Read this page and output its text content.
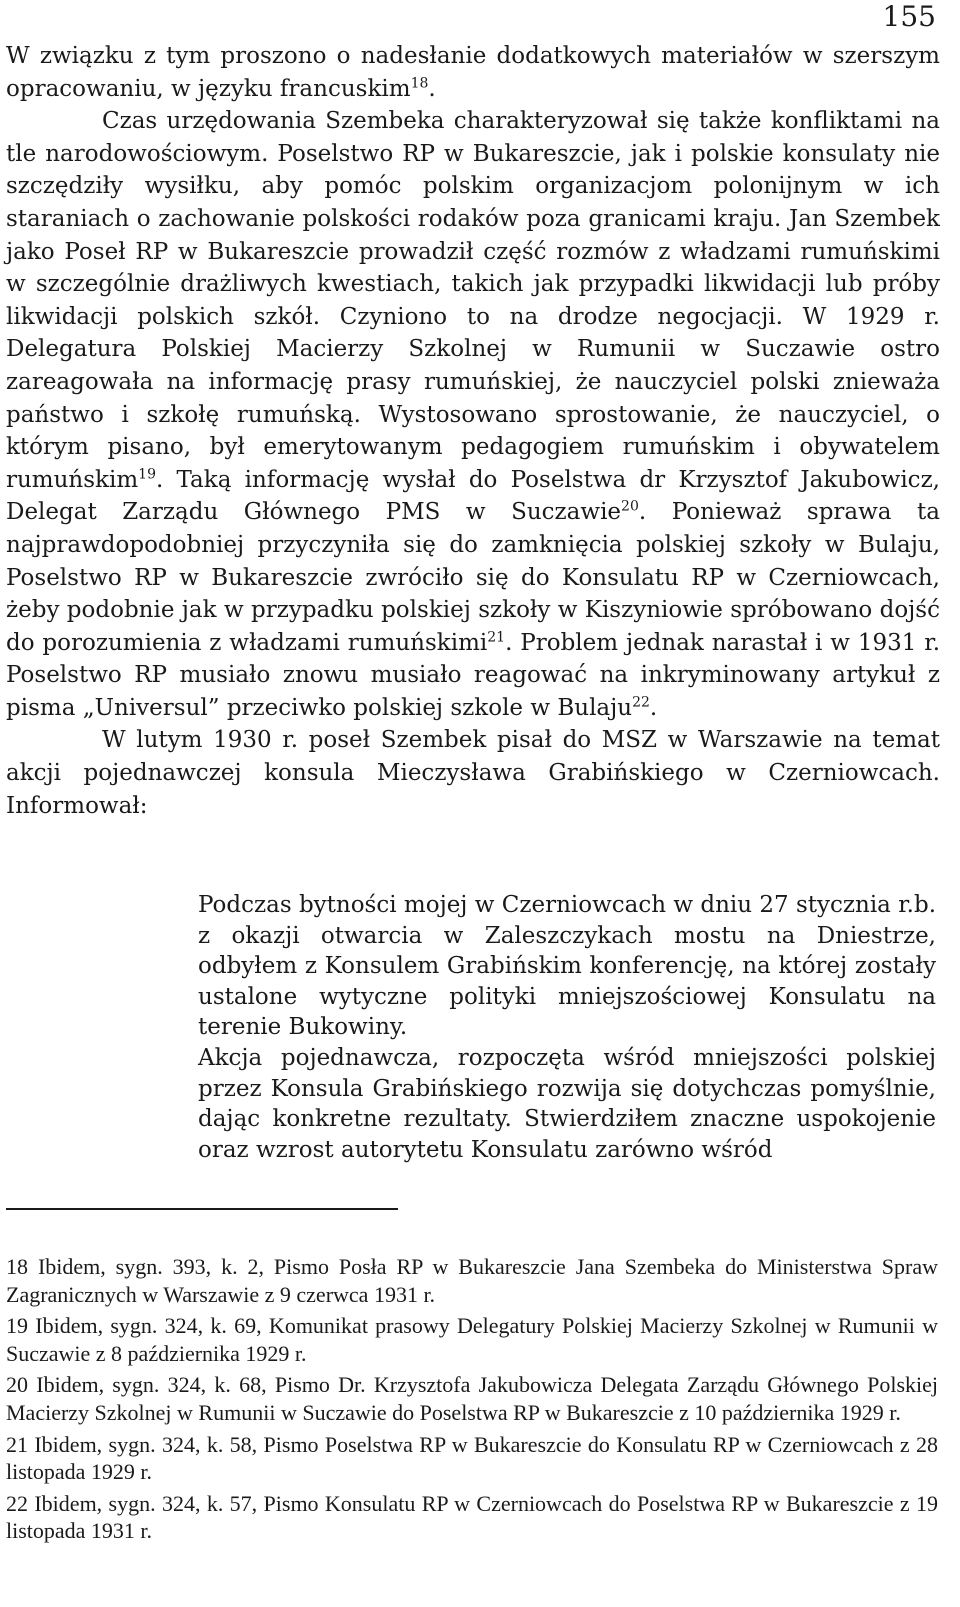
155

W związku z tym proszono o nadesłanie dodatkowych materiałów w szerszym opracowaniu, w języku francuskim$^{18}$.

Czas urzędowania Szembeka charakteryzował się także konfliktami na tle narodowościowym. Poselstwo RP w Bukareszcie, jak i polskie konsulaty nie szczędziły wysiłku, aby pomóc polskim organizacjom polonijnym w ich staraniach o zachowanie polskości rodaków poza granicami kraju. Jan Szembek jako Poseł RP w Bukareszcie prowadził część rozmów z władzami rumuńskimi w szczególnie drażliwych kwestiach, takich jak przypadki likwidacji lub próby likwidacji polskich szkół. Czyniono to na drodze negocjacji. W 1929 r. Delegatura Polskiej Macierzy Szkolnej w Rumunii w Suczawie ostro zareagowała na informację prasy rumuńskiej, że nauczyciel polski znieważa państwo i szkołę rumuńską. Wystosowano sprostowanie, że nauczyciel, o którym pisano, był emerytowanym pedagogiem rumuńskim i obywatelem rumuńskim$^{19}$. Taką informację wysłał do Poselstwa dr Krzysztof Jakubowicz, Delegat Zarządu Głównego PMS w Suczawie$^{20}$. Ponieważ sprawa ta najprawdopodobniej przyczyniła się do zamknięcia polskiej szkoły w Bulaju, Poselstwo RP w Bukareszcie zwróciło się do Konsulatu RP w Czerniowcach, żeby podobnie jak w przypadku polskiej szkoły w Kiszyniowie spróbowano dojść do porozumienia z władzami rumuńskimi$^{21}$. Problem jednak narastał i w 1931 r. Poselstwo RP musiało znowu musiało reagować na inkryminowany artykuł z pisma „Universul” przeciwko polskiej szkole w Bulaju$^{22}$.

W lutym 1930 r. poseł Szembek pisał do MSZ w Warszawie na temat akcji pojednawczej konsula Mieczysława Grabińskiego w Czerniowcach. Informował:

Podczas bytności mojej w Czerniowcach w dniu 27 stycznia r.b. z okazji otwarcia w Zaleszczykach mostu na Dniestrze, odbyłem z Konsulem Grabińskim konferencję, na której zostały ustalone wytyczne polityki mniejszościowej Konsulatu na terenie Bukowiny.

Akcja pojednawcza, rozpoczęta wśród mniejszości polskiej przez Konsula Grabińskiego rozwija się dotychczas pomyślnie, dając konkretne rezultaty. Stwierdziłem znaczne uspokojenie oraz wzrost autorytetu Konsulatu zarówno wśród

18 Ibidem, sygn. 393, k. 2, Pismo Posła RP w Bukareszcie Jana Szembeka do Ministerstwa Spraw Zagranicznych w Warszawie z 9 czerwca 1931 r.

19 Ibidem, sygn. 324, k. 69, Komunikat prasowy Delegatury Polskiej Macierzy Szkolnej w Rumunii w Suczawie z 8 października 1929 r.

20 Ibidem, sygn. 324, k. 68, Pismo Dr. Krzysztofa Jakubowicza Delegata Zarządu Głównego Polskiej Macierzy Szkolnej w Rumunii w Suczawie do Poselstwa RP w Bukareszcie z 10 października 1929 r.

21 Ibidem, sygn. 324, k. 58, Pismo Poselstwa RP w Bukareszcie do Konsulatu RP w Czerniowcach z 28 listopada 1929 r.

22 Ibidem, sygn. 324, k. 57, Pismo Konsulatu RP w Czerniowcach do Poselstwa RP w Bukareszcie z 19 listopada 1931 r.
